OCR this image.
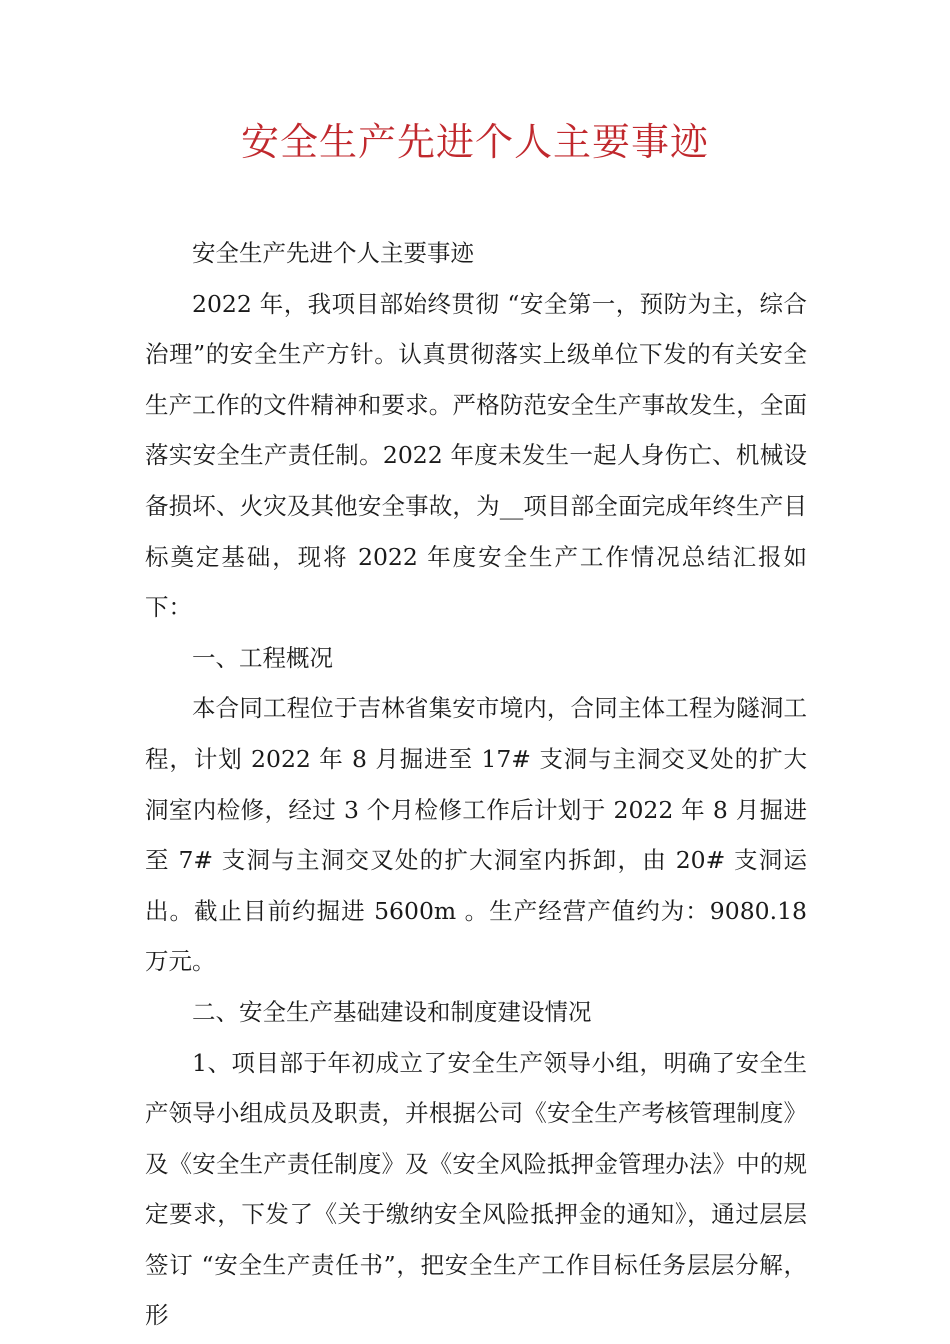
安全生产先进个人主要事迹

安全生产先进个人主要事迹

2022 年，我项目部始终贯彻 “安全第一，预防为主，综合治理”的安全生产方针。认真贯彻落实上级单位下发的有关安全生产工作的文件精神和要求。严格防范安全生产事故发生，全面落实安全生产责任制。2022 年度未发生一起人身伤亡、机械设备损坏、火灾及其他安全事故，为__项目部全面完成年终生产目标奠定基础，现将 2022 年度安全生产工作情况总结汇报如下：

一、工程概况

本合同工程位于吉林省集安市境内，合同主体工程为隧洞工程，计划 2022 年 8 月掘进至 17# 支洞与主洞交叉处的扩大洞室内检修，经过 3 个月检修工作后计划于 2022 年 8 月掘进至 7# 支洞与主洞交叉处的扩大洞室内拆卸，由 20# 支洞运出。截止目前约掘进 5600m 。生产经营产值约为：9080.18 万元。

二、安全生产基础建设和制度建设情况

1、项目部于年初成立了安全生产领导小组，明确了安全生产领导小组成员及职责，并根据公司《安全生产考核管理制度》及《安全生产责任制度》及《安全风险抵押金管理办法》中的规定要求，下发了《关于缴纳安全风险抵押金的通知》，通过层层签订 “安全生产责任书”，把安全生产工作目标任务层层分解，形
